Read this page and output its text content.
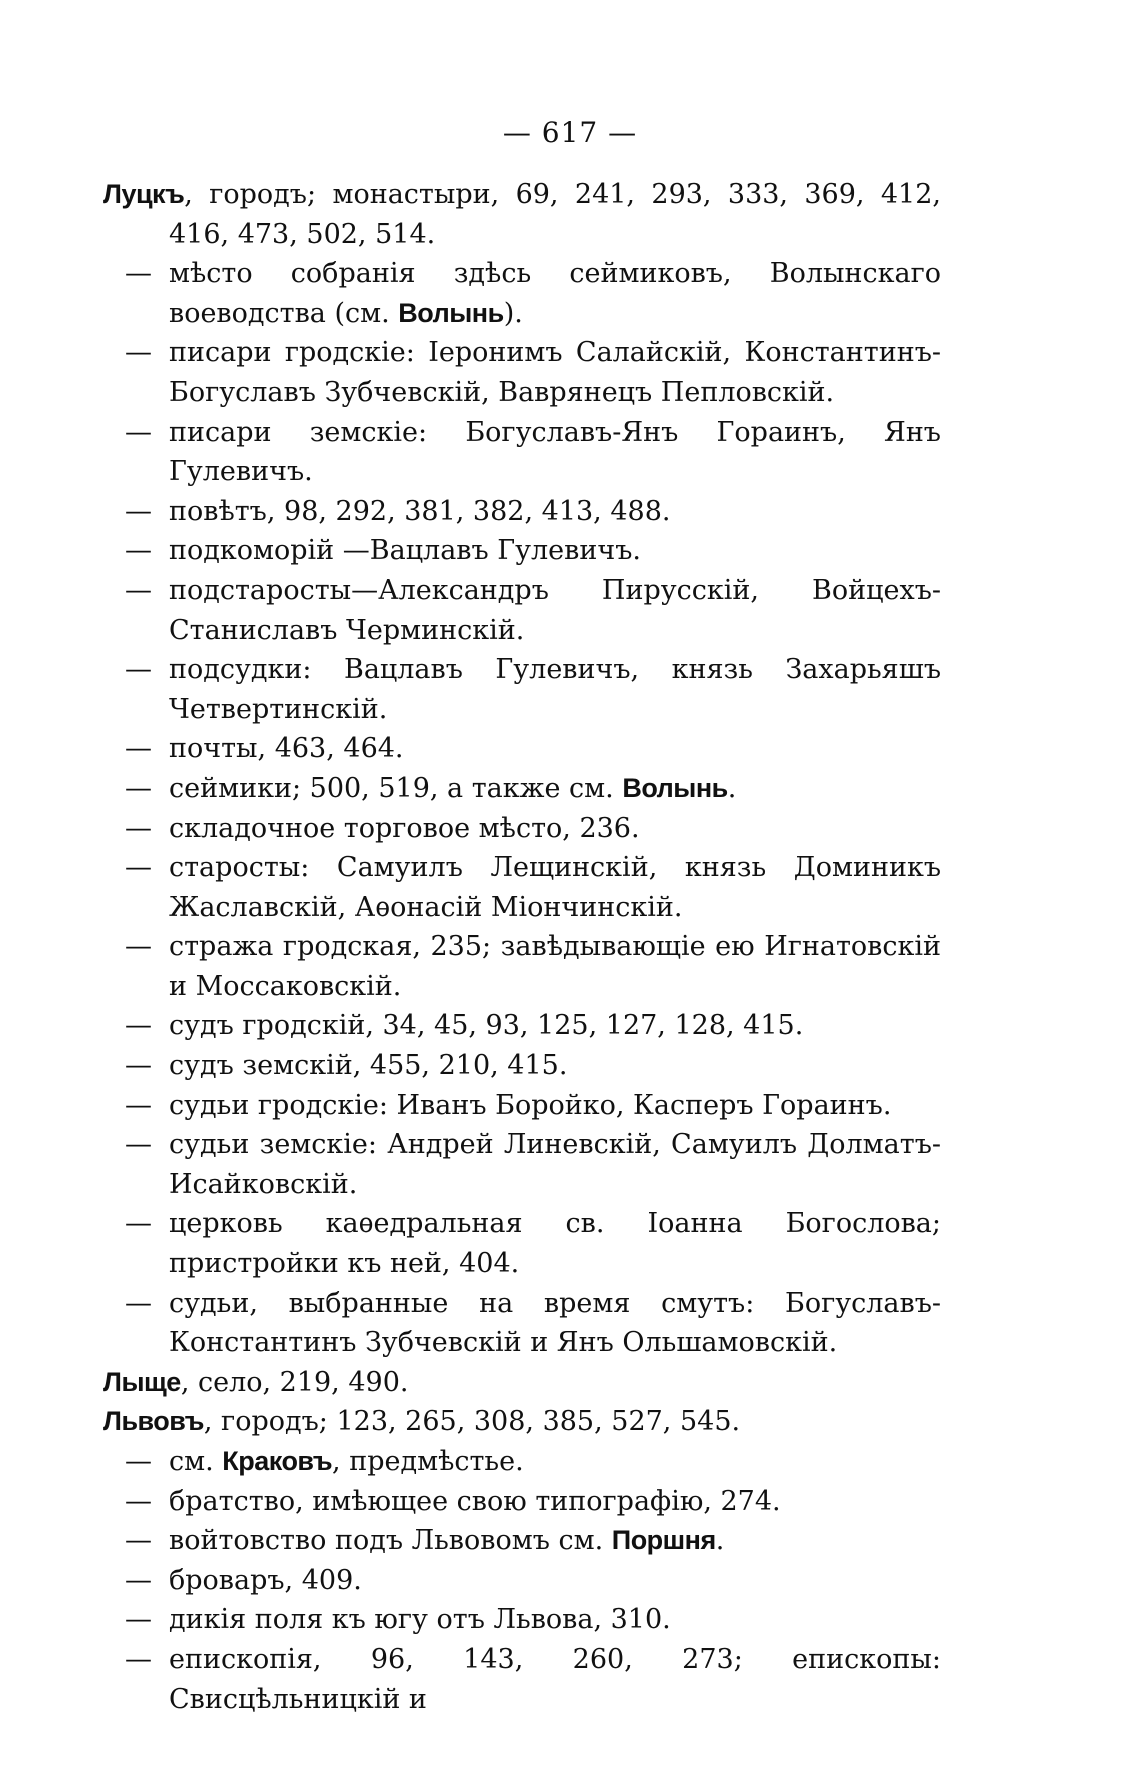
— 617 —

Луцкъ, городъ; монастыри, 69, 241, 293, 333, 369, 412, 416, 473, 502, 514.

— мѣсто собранія здѣсь сеймиковъ, Волынскаго воеводства (см. Волынь).

— писари гродскіе: Іеронимъ Салайскій, Константинъ-Богуславъ Зубчевскій, Ваврянецъ Пепловскій.

— писари земскіе: Богуславъ-Янъ Гораинъ, Янъ Гулевичъ.

— повѣтъ, 98, 292, 381, 382, 413, 488.

— подкоморій —Вацлавъ Гулевичъ.

— подстаросты—Александръ Пирусскій, Войцехъ-Станиславъ Черминскій.

— подсудки: Вацлавъ Гулевичъ, князь Захарьяшъ Четвертинскій.

— почты, 463, 464.

— сеймики; 500, 519, а также см. Волынь.

— складочное торговое мѣсто, 236.

— старосты: Самуилъ Лещинскій, князь Доминикъ Жаславскій, Аѳонасій Міончинскій.

— стража гродская, 235; завѣдывающіе ею Игнатовскій и Моссаковскій.

— судъ гродскій, 34, 45, 93, 125, 127, 128, 415.

— судъ земскій, 455, 210, 415.

— судьи гродскіе: Иванъ Боройко, Касперъ Гораинъ.

— судьи земскіе: Андрей Линевскій, Самуилъ Долматъ-Исайковскій.

— церковь каѳедральная св. Іоанна Богослова; пристройки къ ней, 404.

— судьи, выбранные на время смутъ: Богуславъ-Константинъ Зубчевскій и Янъ Ольшамовскій.

Лыще, село, 219, 490.

Львовъ, городъ; 123, 265, 308, 385, 527, 545.

— см. Краковъ, предмѣстье.

— братство, имѣющее свою типографію, 274.

— войтовство подъ Львовомъ см. Поршня.

— броваръ, 409.

— дикія поля къ югу отъ Львова, 310.

— епископія, 96, 143, 260, 273; епископы: Свисцѣльницкій и
